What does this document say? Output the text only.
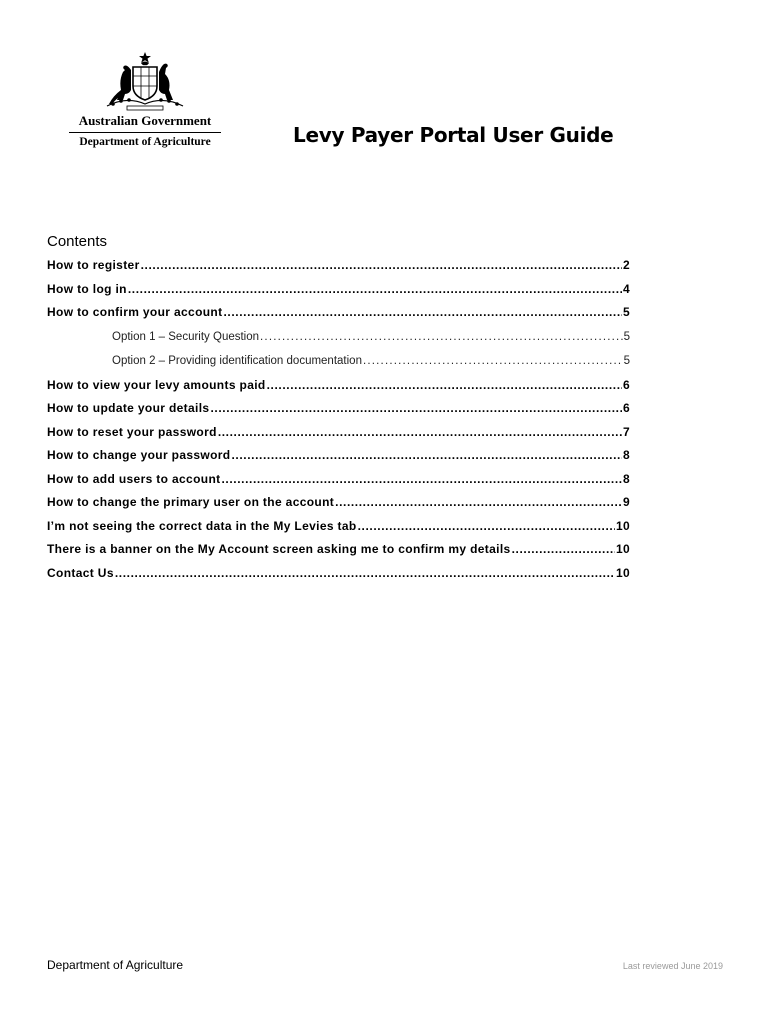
Australian Government
Department of Agriculture	Levy Payer Portal User Guide
Contents
How to register .....	2
How to log in .....	4
How to confirm your account .....	5
Option 1 – Security Question .....	5
Option 2 – Providing identification documentation .....	5
How to view your levy amounts paid .....	6
How to update your details .....	6
How to reset your password .....	7
How to change your password .....	8
How to add users to account .....	8
How to change the primary user on the account .....	9
I’m not seeing the correct data in the My Levies tab .....	10
There is a banner on the My Account screen asking me to confirm my details .....	10
Contact Us .....	10
Department of Agriculture	Last reviewed June 2019
